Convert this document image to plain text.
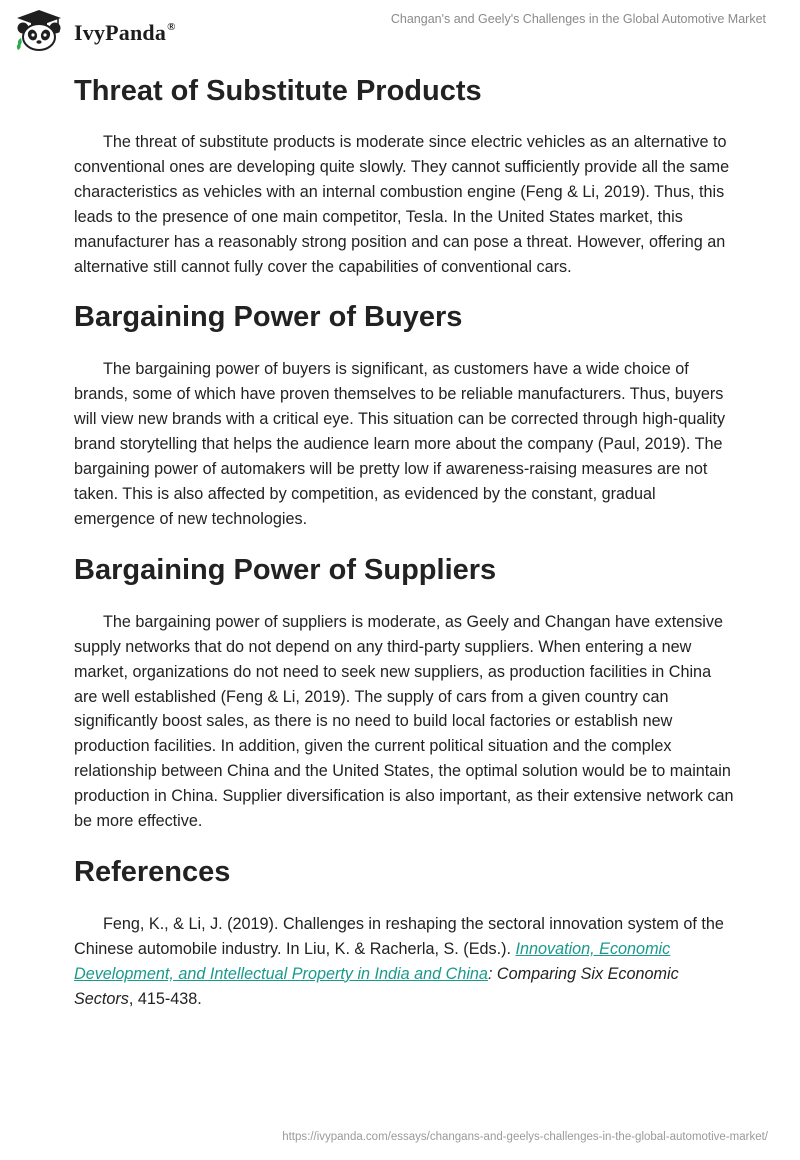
IvyPanda®
Changan's and Geely's Challenges in the Global Automotive Market
Threat of Substitute Products

The threat of substitute products is moderate since electric vehicles as an alternative to conventional ones are developing quite slowly. They cannot sufficiently provide all the same characteristics as vehicles with an internal combustion engine (Feng & Li, 2019). Thus, this leads to the presence of one main competitor, Tesla. In the United States market, this manufacturer has a reasonably strong position and can pose a threat. However, offering an alternative still cannot fully cover the capabilities of conventional cars.

Bargaining Power of Buyers

The bargaining power of buyers is significant, as customers have a wide choice of brands, some of which have proven themselves to be reliable manufacturers. Thus, buyers will view new brands with a critical eye. This situation can be corrected through high-quality brand storytelling that helps the audience learn more about the company (Paul, 2019). The bargaining power of automakers will be pretty low if awareness-raising measures are not taken. This is also affected by competition, as evidenced by the constant, gradual emergence of new technologies.

Bargaining Power of Suppliers

The bargaining power of suppliers is moderate, as Geely and Changan have extensive supply networks that do not depend on any third-party suppliers. When entering a new market, organizations do not need to seek new suppliers, as production facilities in China are well established (Feng & Li, 2019). The supply of cars from a given country can significantly boost sales, as there is no need to build local factories or establish new production facilities. In addition, given the current political situation and the complex relationship between China and the United States, the optimal solution would be to maintain production in China. Supplier diversification is also important, as their extensive network can be more effective.

References

Feng, K., & Li, J. (2019). Challenges in reshaping the sectoral innovation system of the Chinese automobile industry. In Liu, K. & Racherla, S. (Eds.). Innovation, Economic Development, and Intellectual Property in India and China: Comparing Six Economic Sectors, 415-438.

https://ivypanda.com/essays/changans-and-geelys-challenges-in-the-global-automotive-market/
